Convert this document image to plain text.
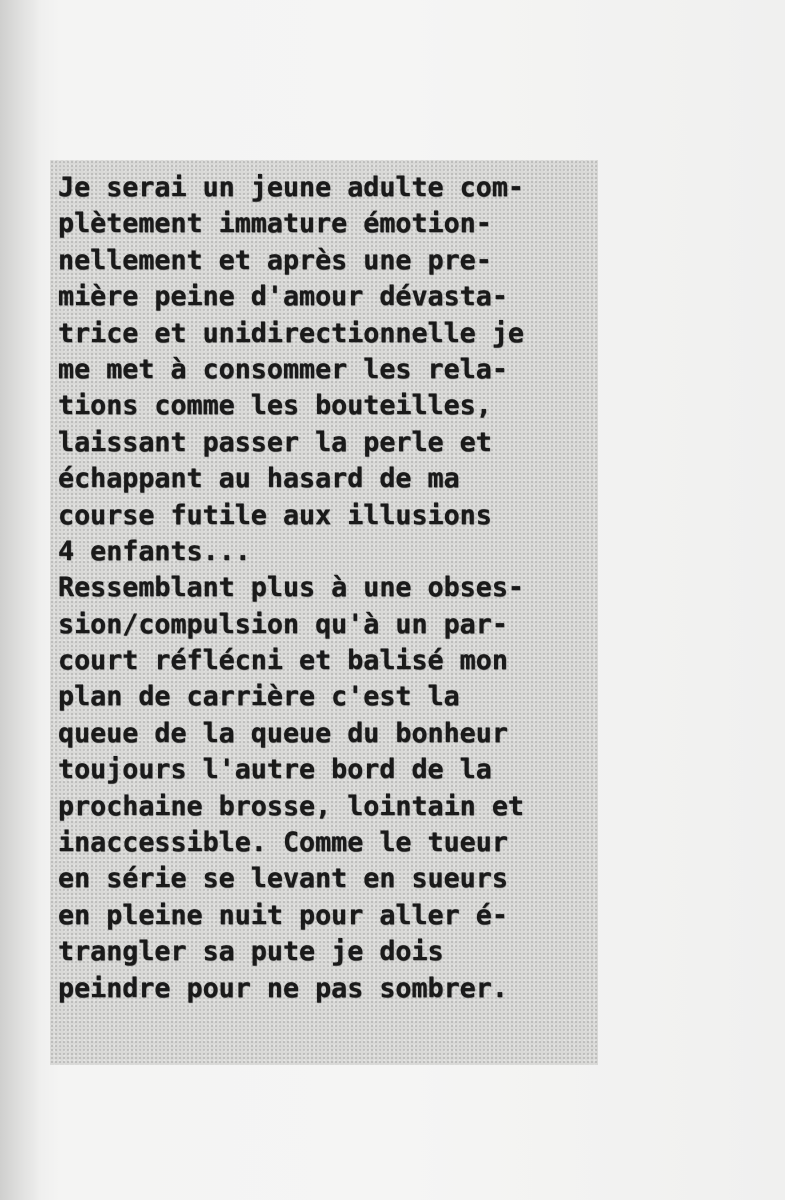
Je serai un jeune adulte com-
plètement immature émotion-
nellement et après une pre-
mière peine d'amour dévasta-
trice et unidirectionnelle je
me met à consommer les rela-
tions comme les bouteilles,
laissant passer la perle et
échappant au hasard de ma
course futile aux illusions
4 enfants...
Ressemblant plus à une obses-
sion/compulsion qu'à un par-
court réflécni et balisé mon
plan de carrière c'est la
queue de la queue du bonheur
toujours l'autre bord de la
prochaine brosse, lointain et
inaccessible. Comme le tueur
en série se levant en sueurs
en pleine nuit pour aller é-
trangler sa pute je dois
peindre pour ne pas sombrer.
